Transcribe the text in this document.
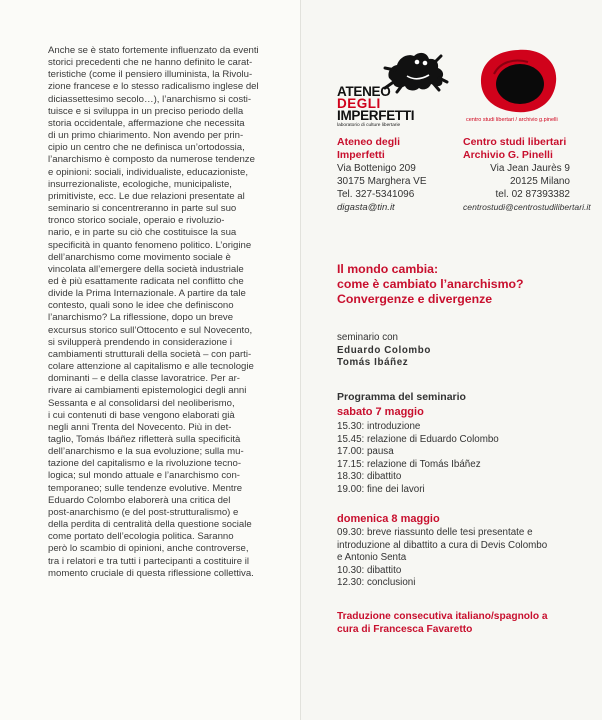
Anche se è stato fortemente influenzato da eventi
storici precedenti che ne hanno definito le carat-
teristiche (come il pensiero illuminista, la Rivolu-
zione francese e lo stesso radicalismo inglese del
diciassettesimo secolo…), l’anarchismo si costi-
tuisce e si sviluppa in un preciso periodo della
storia occidentale, affermazione che necessita
di un primo chiarimento. Non avendo per prin-
cipio un centro che ne definisca un’ortodossia,
l’anarchismo è composto da numerose tendenze
e opinioni: sociali, individualiste, educazioniste,
insurrezionaliste, ecologiche, municipaliste,
primitiviste, ecc. Le due relazioni presentate al
seminario si concentreranno in parte sul suo
tronco storico sociale, operaio e rivoluzio-
nario, e in parte su ciò che costituisce la sua
specificità in quanto fenomeno politico. L’origine
dell’anarchismo come movimento sociale è
vincolata all’emergere della società industriale
ed è più esattamente radicata nel conflitto che
divide la Prima Internazionale. A partire da tale
contesto, quali sono le idee che definiscono
l’anarchismo? La riflessione, dopo un breve
excursus storico sull’Ottocento e sul Novecento,
si svilupperà prendendo in considerazione i
cambiamenti strutturali della società – con parti-
colare attenzione al capitalismo e alle tecnologie
dominanti – e della classe lavoratrice. Per ar-
rivare ai cambiamenti epistemologici degli anni
Sessanta e al consolidarsi del neoliberismo,
i cui contenuti di base vengono elaborati già
negli anni Trenta del Novecento. Più in det-
taglio, Tomás Ibáñez rifletterà sulla specificità
dell’anarchismo e la sua evoluzione; sulla mu-
tazione del capitalismo e la rivoluzione tecno-
logica; sul mondo attuale e l’anarchismo con-
temporaneo; sulle tendenze evolutive. Mentre
Eduardo Colombo elaborerà una critica del
post-anarchismo (e del post-strutturalismo) e
della perdita di centralità della questione sociale
come portato dell’ecologia politica. Saranno
però lo scambio di opinioni, anche controverse,
tra i relatori e tra tutti i partecipanti a costituire il
momento cruciale di questa riflessione collettiva.
ATENEO
DEGLI
IMPERFETTI
laboratorio di culture libertarie
centro studi libertari / archivio g.pinelli
Ateneo degli
Imperfetti
Via Bottenigo 209
30175 Marghera VE
Tel. 327-5341096
digasta@tin.it
Centro studi libertari
Archivio G. Pinelli
Via Jean Jaurès 9
20125 Milano
tel. 02 87393382
centrostudi@centrostudilibertari.it
Il mondo cambia:
come è cambiato l’anarchismo?
Convergenze e divergenze
seminario con
Eduardo Colombo
Tomás Ibáñez
Programma del seminario
sabato 7 maggio
15.30: introduzione
15.45: relazione di Eduardo Colombo
17.00: pausa
17.15: relazione di Tomás Ibáñez
18.30: dibattito
19.00: fine dei lavori
domenica 8 maggio
09.30: breve riassunto delle tesi presentate e
introduzione al dibattito a cura di Devis Colombo
e Antonio Senta
10.30: dibattito
12.30: conclusioni
Traduzione consecutiva italiano/spagnolo a
cura di Francesca Favaretto
